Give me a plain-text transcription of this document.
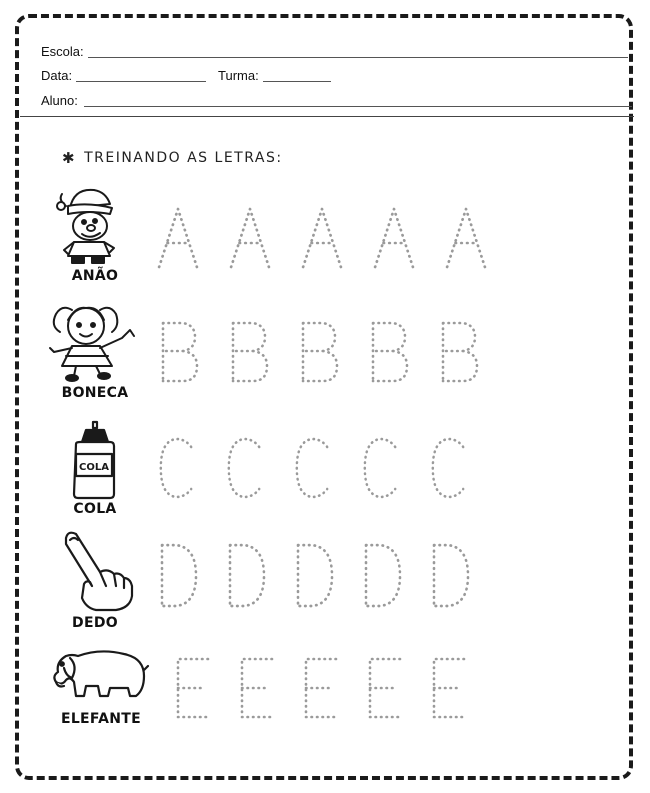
Escola:
Data:	Turma:
Aluno:
✱ TREINANDO AS LETRAS:
ANÃO
BONECA
COLA
COLA
DEDO
ELEFANTE
